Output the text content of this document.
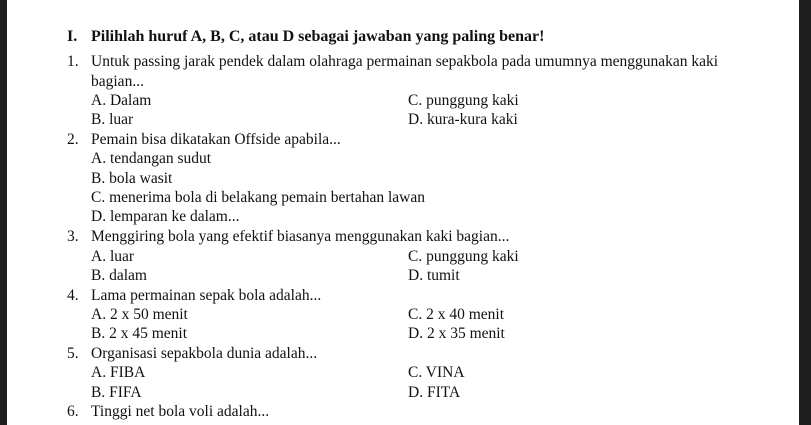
I. Pilihlah huruf A, B, C, atau D sebagai jawaban yang paling benar!
1. Untuk passing jarak pendek dalam olahraga permainan sepakbola pada umumnya menggunakan kaki
bagian...
A. Dalam	C. punggung kaki
B. luar	D. kura-kura kaki
2. Pemain bisa dikatakan Offside apabila...
A. tendangan sudut
B. bola wasit
C. menerima bola di belakang pemain bertahan lawan
D. lemparan ke dalam...
3. Menggiring bola yang efektif biasanya menggunakan kaki bagian...
A. luar	C. punggung kaki
B. dalam	D. tumit
4. Lama permainan sepak bola adalah...
A. 2 x 50 menit	C. 2 x 40 menit
B. 2 x 45 menit	D. 2 x 35 menit
5. Organisasi sepakbola dunia adalah...
A. FIBA	C. VINA
B. FIFA	D. FITA
6. Tinggi net bola voli adalah...
